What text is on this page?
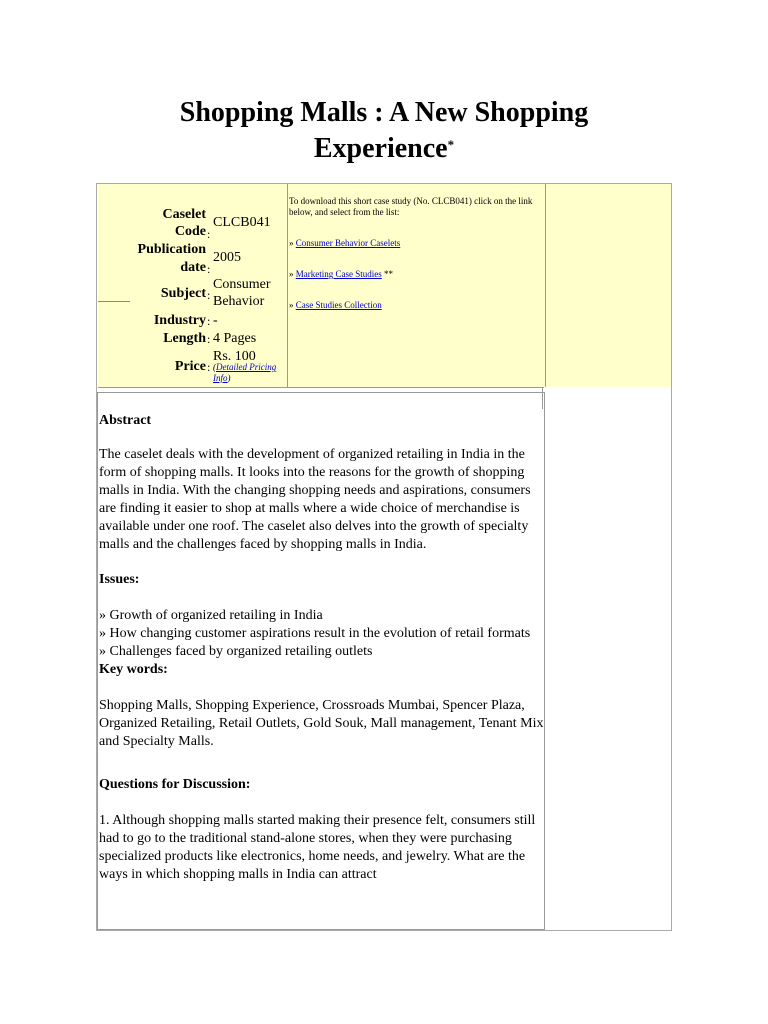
Shopping Malls : A New Shopping
Experience*
Caselet
Code :
CLCB041
Publication
date :
2005
Subject :
Consumer
Behavior
Industry : -
Length : 4 Pages
Price :
Rs. 100
(Detailed Pricing Info)

To download this short case study (No. CLCB041) click on the link below, and select from the list:

» Consumer Behavior Caselets

» Marketing Case Studies **

» Case Studies Collection

Abstract

The caselet deals with the development of organized retailing in India in the form of shopping malls. It looks into the reasons for the growth of shopping malls in India. With the changing shopping needs and aspirations, consumers are finding it easier to shop at malls where a wide choice of merchandise is available under one roof. The caselet also delves into the growth of specialty malls and the challenges faced by shopping malls in India.

Issues:

» Growth of organized retailing in India

» How changing customer aspirations result in the evolution of retail formats

» Challenges faced by organized retailing outlets

Key words:

Shopping Malls, Shopping Experience, Crossroads Mumbai, Spencer Plaza, Organized Retailing, Retail Outlets, Gold Souk, Mall management, Tenant Mix and Specialty Malls.

Questions for Discussion:

1. Although shopping malls started making their presence felt, consumers still had to go to the traditional stand-alone stores, when they were purchasing specialized products like electronics, home needs, and jewelry. What are the ways in which shopping malls in India can attract
